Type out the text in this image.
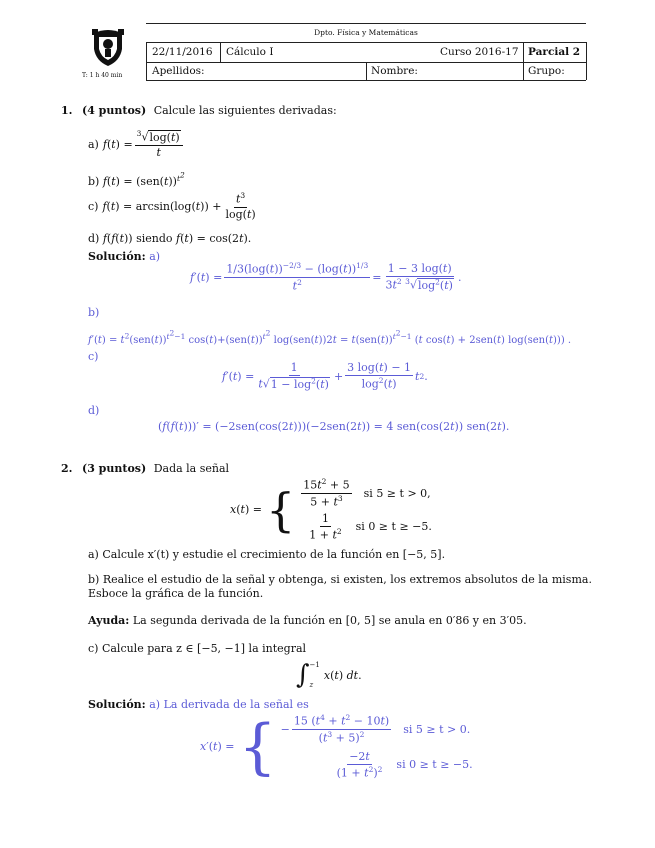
T: 1 h 40 min
Dpto. Física y Matemáticas
22/11/2016 Cálculo I	Curso 2016-17 Parcial 2
Apellidos:	Nombre:	Grupo:
1. (4 puntos) Calcule las siguientes derivadas:
a) f ( t ) = $\frac{^3√\log(t)}{t}$
b) $f(t) = (sen(t))^{t^2}$
c) $f(t) = \arcsin(\log(t)) + \frac{t^3}{\log(t)}$
d) f(f(t)) siendo f(t) = cos(2t).
Solución: a)
f ′( t ) = $\frac{1/3(\log(t))^{-2/3} - (\log(t))^{1/3}}{t^2} = \frac{1 - 3 \log(t)}{3t^2 ^3√\log^2(t)}$ .
b)
$f'(t) = t^2(sen(t))^{t^2-1}$ $\cos(t)+(sen(t))^{t^2}$ $\log(sen(t))2t = t(sen(t))^{t^2-1}$ (t cos(t) + 2sen(t) log(sen(t))) .
c)
f ′( t ) = $\frac{1}{t√1 - \log^2(t)} + \frac{3 \log(t) - 1}{\log^2(t)}$ t 2 .
d)
(f(f(t)))′ = (−2sen(cos(2t)))(−2sen(2t)) = 4 sen(cos(2t)) sen(2t).
2. (3 puntos) Dada la señal
x(t) = { $\frac{15t^2 + 5}{5 + t^3}$ si 5 ≥ t > 0,
$\frac{1}{1 + t^2}$ si 0 ≥ t ≥ −5.
a) Calcule x′(t) y estudie el crecimiento de la función en [−5, 5].
b) Realice el estudio de la señal y obtenga, si existen, los extremos absolutos de la misma.
Esboce la gráfica de la función.
Ayuda: La segunda derivada de la función en [0, 5] se anula en 0′86 y en 3′05.
c) Calcule para z ∈ [−5, −1] la integral
∫ −1
z
x(t) dt.
Solución: a) La derivada de la señal es
x′(t) = { − $\frac{15 (t^4 + t^2 - 10t)}{(t^3 + 5)^2}$ si 5 ≥ t > 0.
$\frac{-2t}{(1 + t^2)^2}$ si 0 ≥ t ≥ −5.
